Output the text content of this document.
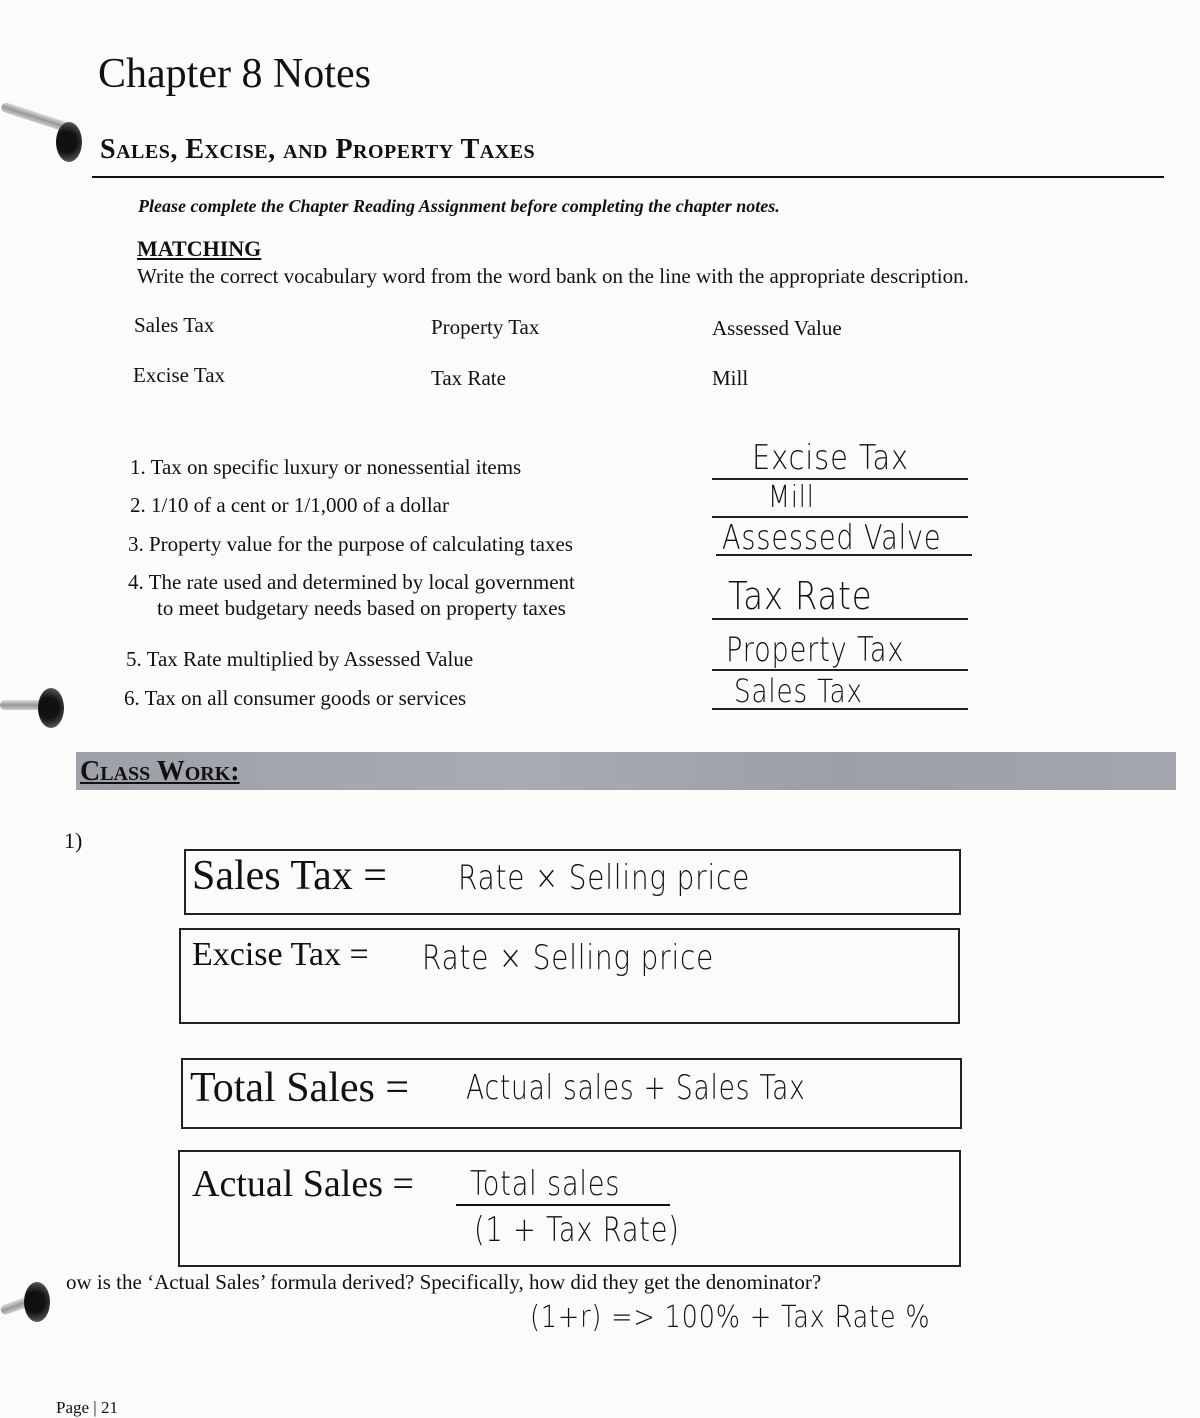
Chapter 8 Notes
Sales, Excise, and Property Taxes
Please complete the Chapter Reading Assignment before completing the chapter notes.
MATCHING
Write the correct vocabulary word from the word bank on the line with the appropriate description.
Sales Tax	Property Tax	Assessed Value
Excise Tax	Tax Rate	Mill
1. Tax on specific luxury or nonessential items
2. 1/10 of a cent or 1/1,000 of a dollar
3. Property value for the purpose of calculating taxes
4. The rate used and determined by local government
to meet budgetary needs based on property taxes
5. Tax Rate multiplied by Assessed Value
6. Tax on all consumer goods or services
Excise Tax
Mill
Assessed Valve
Tax Rate
Property Tax
Sales Tax
Class Work:
1)
Sales Tax = Rate × Selling price
Excise Tax = Rate × Selling price
Total Sales = Actual sales + Sales Tax
Actual Sales = Total sales
(1 + Tax Rate)
ow is the ‘Actual Sales’ formula derived? Specifically, how did they get the denominator?
(1+r) => 100% + Tax Rate %
Page | 21
